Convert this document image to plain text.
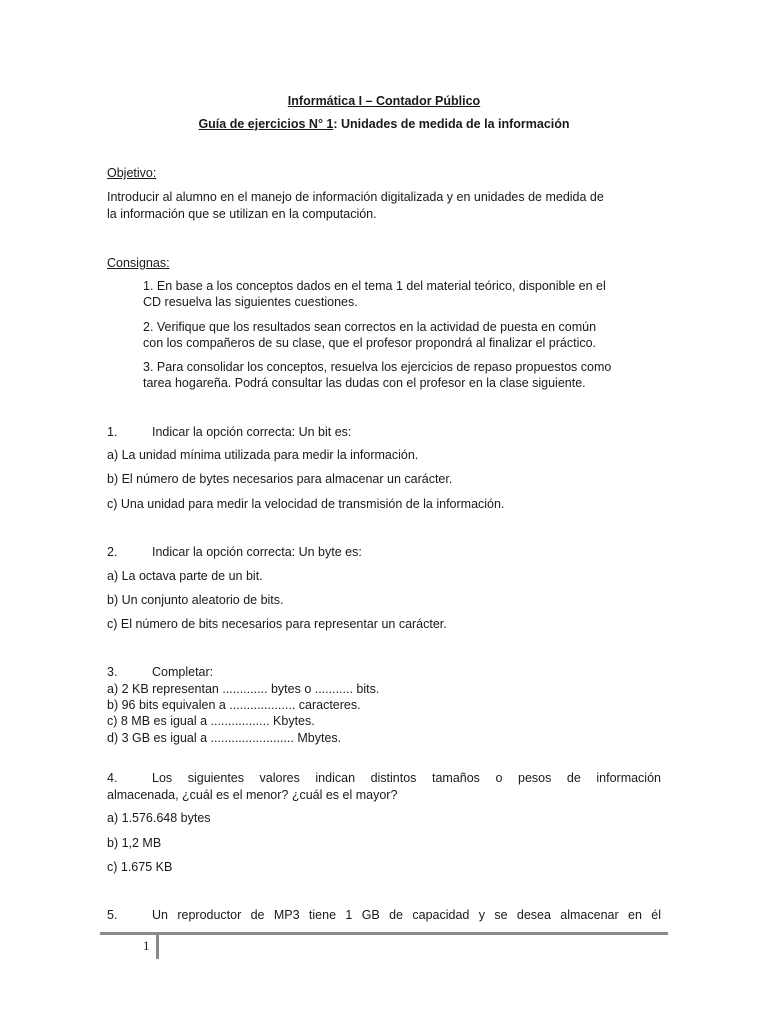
Informática I – Contador Público
Guía de ejercicios N° 1: Unidades de medida de la información
Objetivo:
Introducir al alumno en el manejo de información digitalizada y en unidades de medida de
la información que se utilizan en la computación.
Consignas:
1. En base a los conceptos dados en el tema 1 del material teórico, disponible en el
CD resuelva las siguientes cuestiones.
2. Verifique que los resultados sean correctos en la actividad de puesta en común
con los compañeros de su clase, que el profesor propondrá al finalizar el práctico.
3. Para consolidar los conceptos, resuelva los ejercicios de repaso propuestos como
tarea hogareña. Podrá consultar las dudas con el profesor en la clase siguiente.
1.	Indicar la opción correcta: Un bit es:
a) La unidad mínima utilizada para medir la información.
b) El número de bytes necesarios para almacenar un carácter.
c) Una unidad para medir la velocidad de transmisión de la información.
2.	Indicar la opción correcta: Un byte es:
a) La octava parte de un bit.
b) Un conjunto aleatorio de bits.
c) El número de bits necesarios para representar un carácter.
3.	Completar:
a) 2 KB representan ............. bytes o ........... bits.
b) 96 bits equivalen a ................... caracteres.
c) 8 MB es igual a ................. Kbytes.
d) 3 GB es igual a ........................ Mbytes.
4.	Los siguientes valores indican distintos tamaños o pesos de información
almacenada, ¿cuál es el menor? ¿cuál es el mayor?
a) 1.576.648 bytes
b) 1,2 MB
c) 1.675 KB
5.	Un reproductor de MP3 tiene 1 GB de capacidad y se desea almacenar en él
1
